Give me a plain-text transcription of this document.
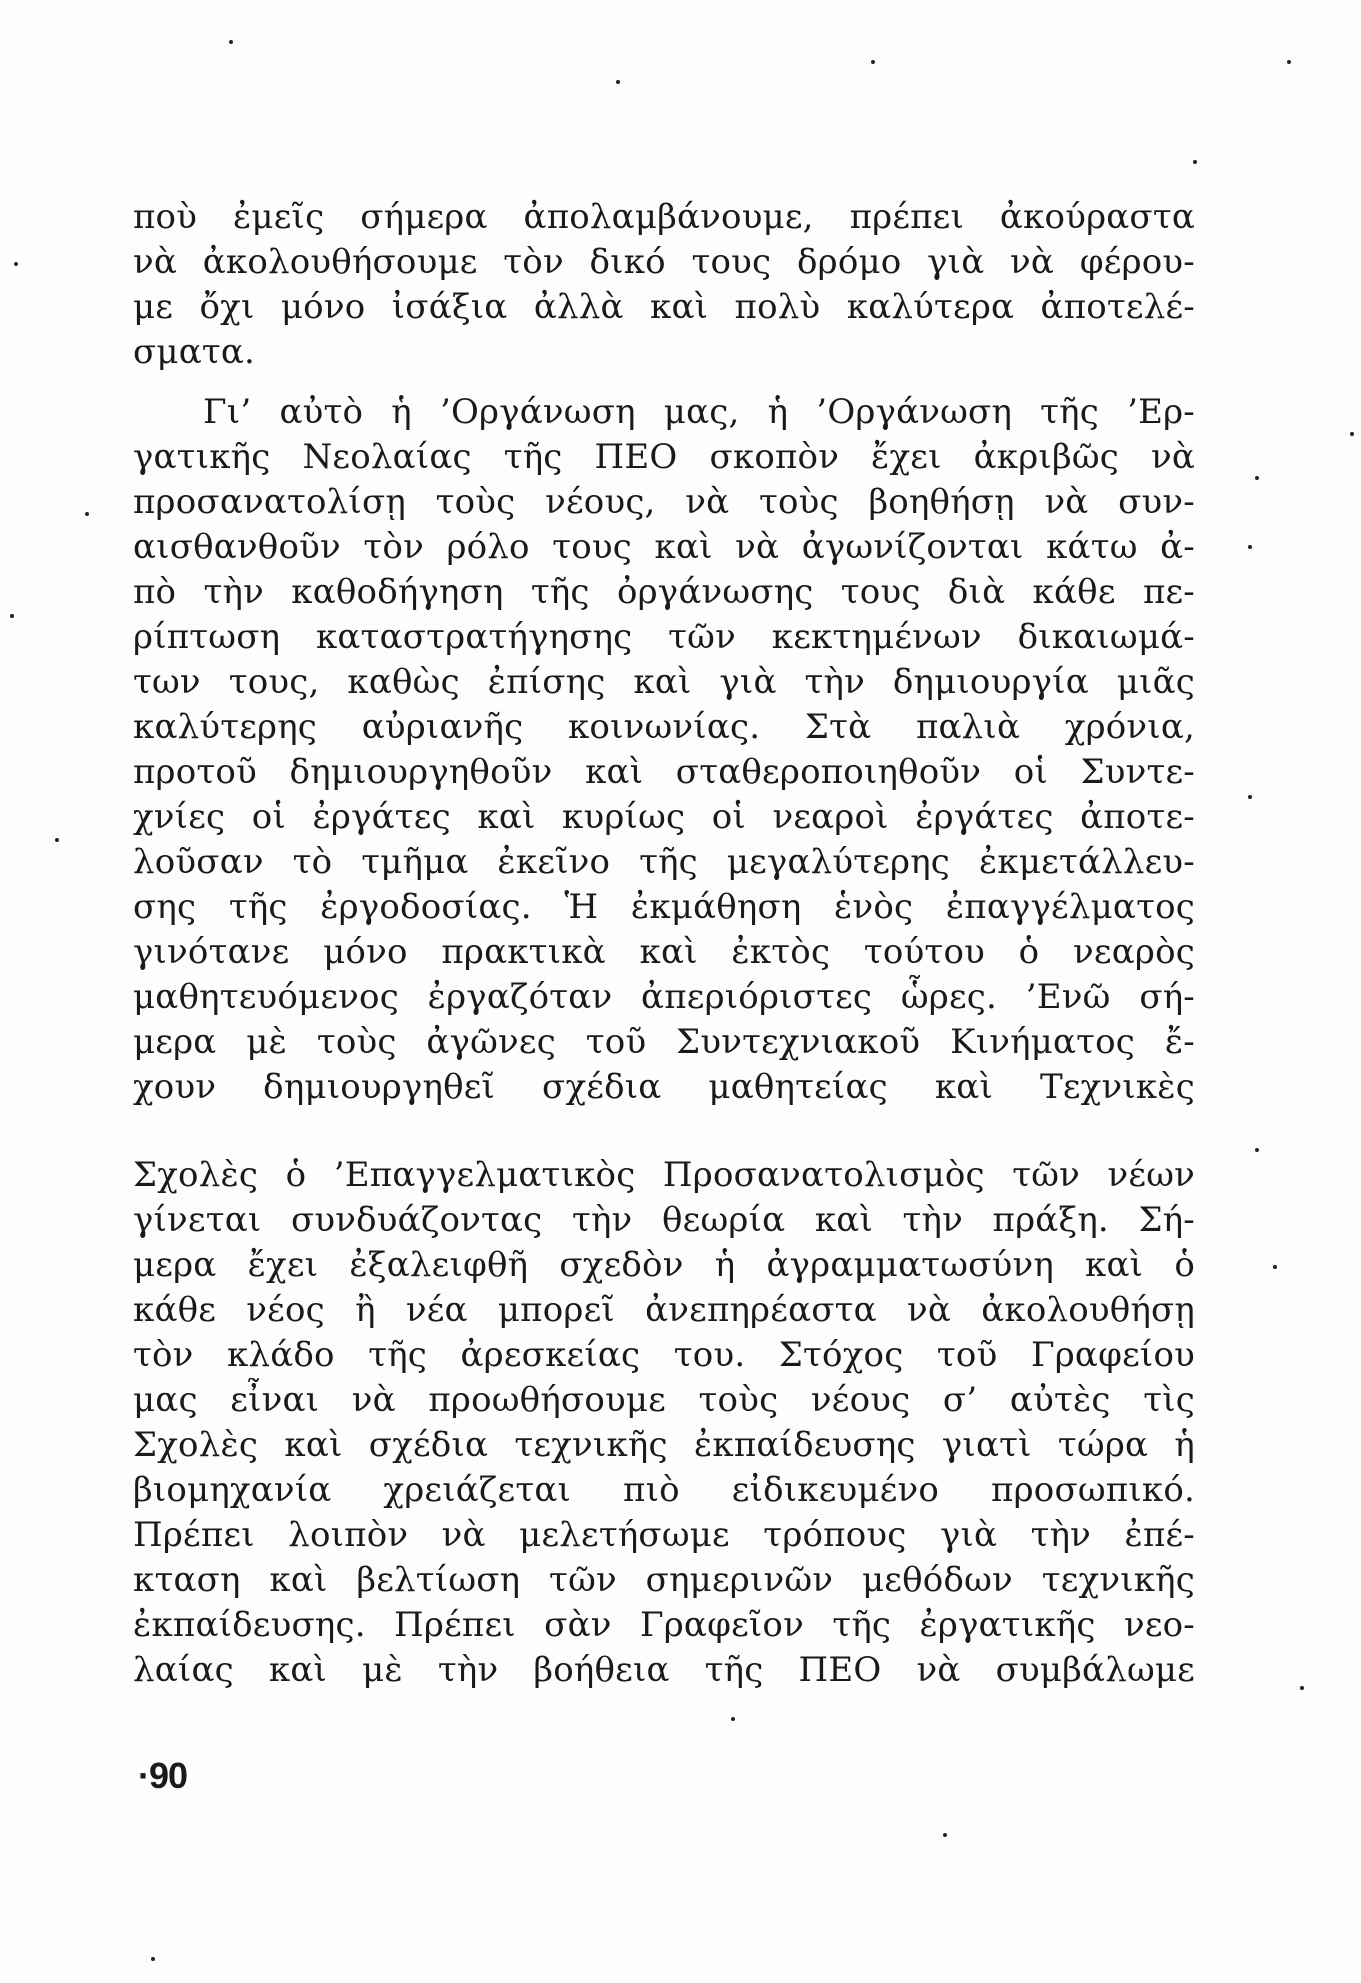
ποὺ ἐμεῖς σήμερα ἀπολαμβάνουμε, πρέπει ἀκούραστα
νὰ ἀκολουθήσουμε τὸν δικό τους δρόμο γιὰ νὰ φέρου-
με ὄχι μόνο ἰσάξια ἀλλὰ καὶ πολὺ καλύτερα ἀποτελέ-
σματα.
Γι’ αὐτὸ ἡ ’Οργάνωση μας, ἡ ’Οργάνωση τῆς ’Ερ-
γατικῆς Νεολαίας τῆς ΠΕΟ σκοπὸν ἔχει ἀκριβῶς νὰ
προσανατολίσῃ τοὺς νέους, νὰ τοὺς βοηθήσῃ νὰ συν-
αισθανθοῦν τὸν ρόλο τους καὶ νὰ ἀγωνίζονται κάτω ἀ-
πὸ τὴν καθοδήγηση τῆς ὀργάνωσης τους διὰ κάθε πε-
ρίπτωση καταστρατήγησης τῶν κεκτημένων δικαιωμά-
των τους, καθὼς ἐπίσης καὶ γιὰ τὴν δημιουργία μιᾶς
καλύτερης αὐριανῆς κοινωνίας. Στὰ παλιὰ χρόνια,
προτοῦ δημιουργηθοῦν καὶ σταθεροποιηθοῦν οἱ Συντε-
χνίες οἱ ἐργάτες καὶ κυρίως οἱ νεαροὶ ἐργάτες ἀποτε-
λοῦσαν τὸ τμῆμα ἐκεῖνο τῆς μεγαλύτερης ἐκμετάλλευ-
σης τῆς ἐργοδοσίας. Ἡ ἐκμάθηση ἑνὸς ἐπαγγέλματος
γινότανε μόνο πρακτικὰ καὶ ἐκτὸς τούτου ὁ νεαρὸς
μαθητευόμενος ἐργαζόταν ἀπεριόριστες ὧρες. ’Ενῶ σή-
μερα μὲ τοὺς ἀγῶνες τοῦ Συντεχνιακοῦ Κινήματος ἔ-
χουν δημιουργηθεῖ σχέδια μαθητείας καὶ Τεχνικὲς
Σχολὲς ὁ ’Επαγγελματικὸς Προσανατολισμὸς τῶν νέων
γίνεται συνδυάζοντας τὴν θεωρία καὶ τὴν πράξη. Σή-
μερα ἔχει ἐξαλειφθῆ σχεδὸν ἡ ἀγραμματωσύνη καὶ ὁ
κάθε νέος ἢ νέα μπορεῖ ἀνεπηρέαστα νὰ ἀκολουθήσῃ
τὸν κλάδο τῆς ἀρεσκείας του. Στόχος τοῦ Γραφείου
μας εἶναι νὰ προωθήσουμε τοὺς νέους σ’ αὐτὲς τὶς
Σχολὲς καὶ σχέδια τεχνικῆς ἐκπαίδευσης γιατὶ τώρα ἡ
βιομηχανία χρειάζεται πιὸ εἰδικευμένο προσωπικό.
Πρέπει λοιπὸν νὰ μελετήσωμε τρόπους γιὰ τὴν ἐπέ-
κταση καὶ βελτίωση τῶν σημερινῶν μεθόδων τεχνικῆς
ἐκπαίδευσης. Πρέπει σὰν Γραφεῖον τῆς ἐργατικῆς νεο-
λαίας καὶ μὲ τὴν βοήθεια τῆς ΠΕΟ νὰ συμβάλωμε
·90
